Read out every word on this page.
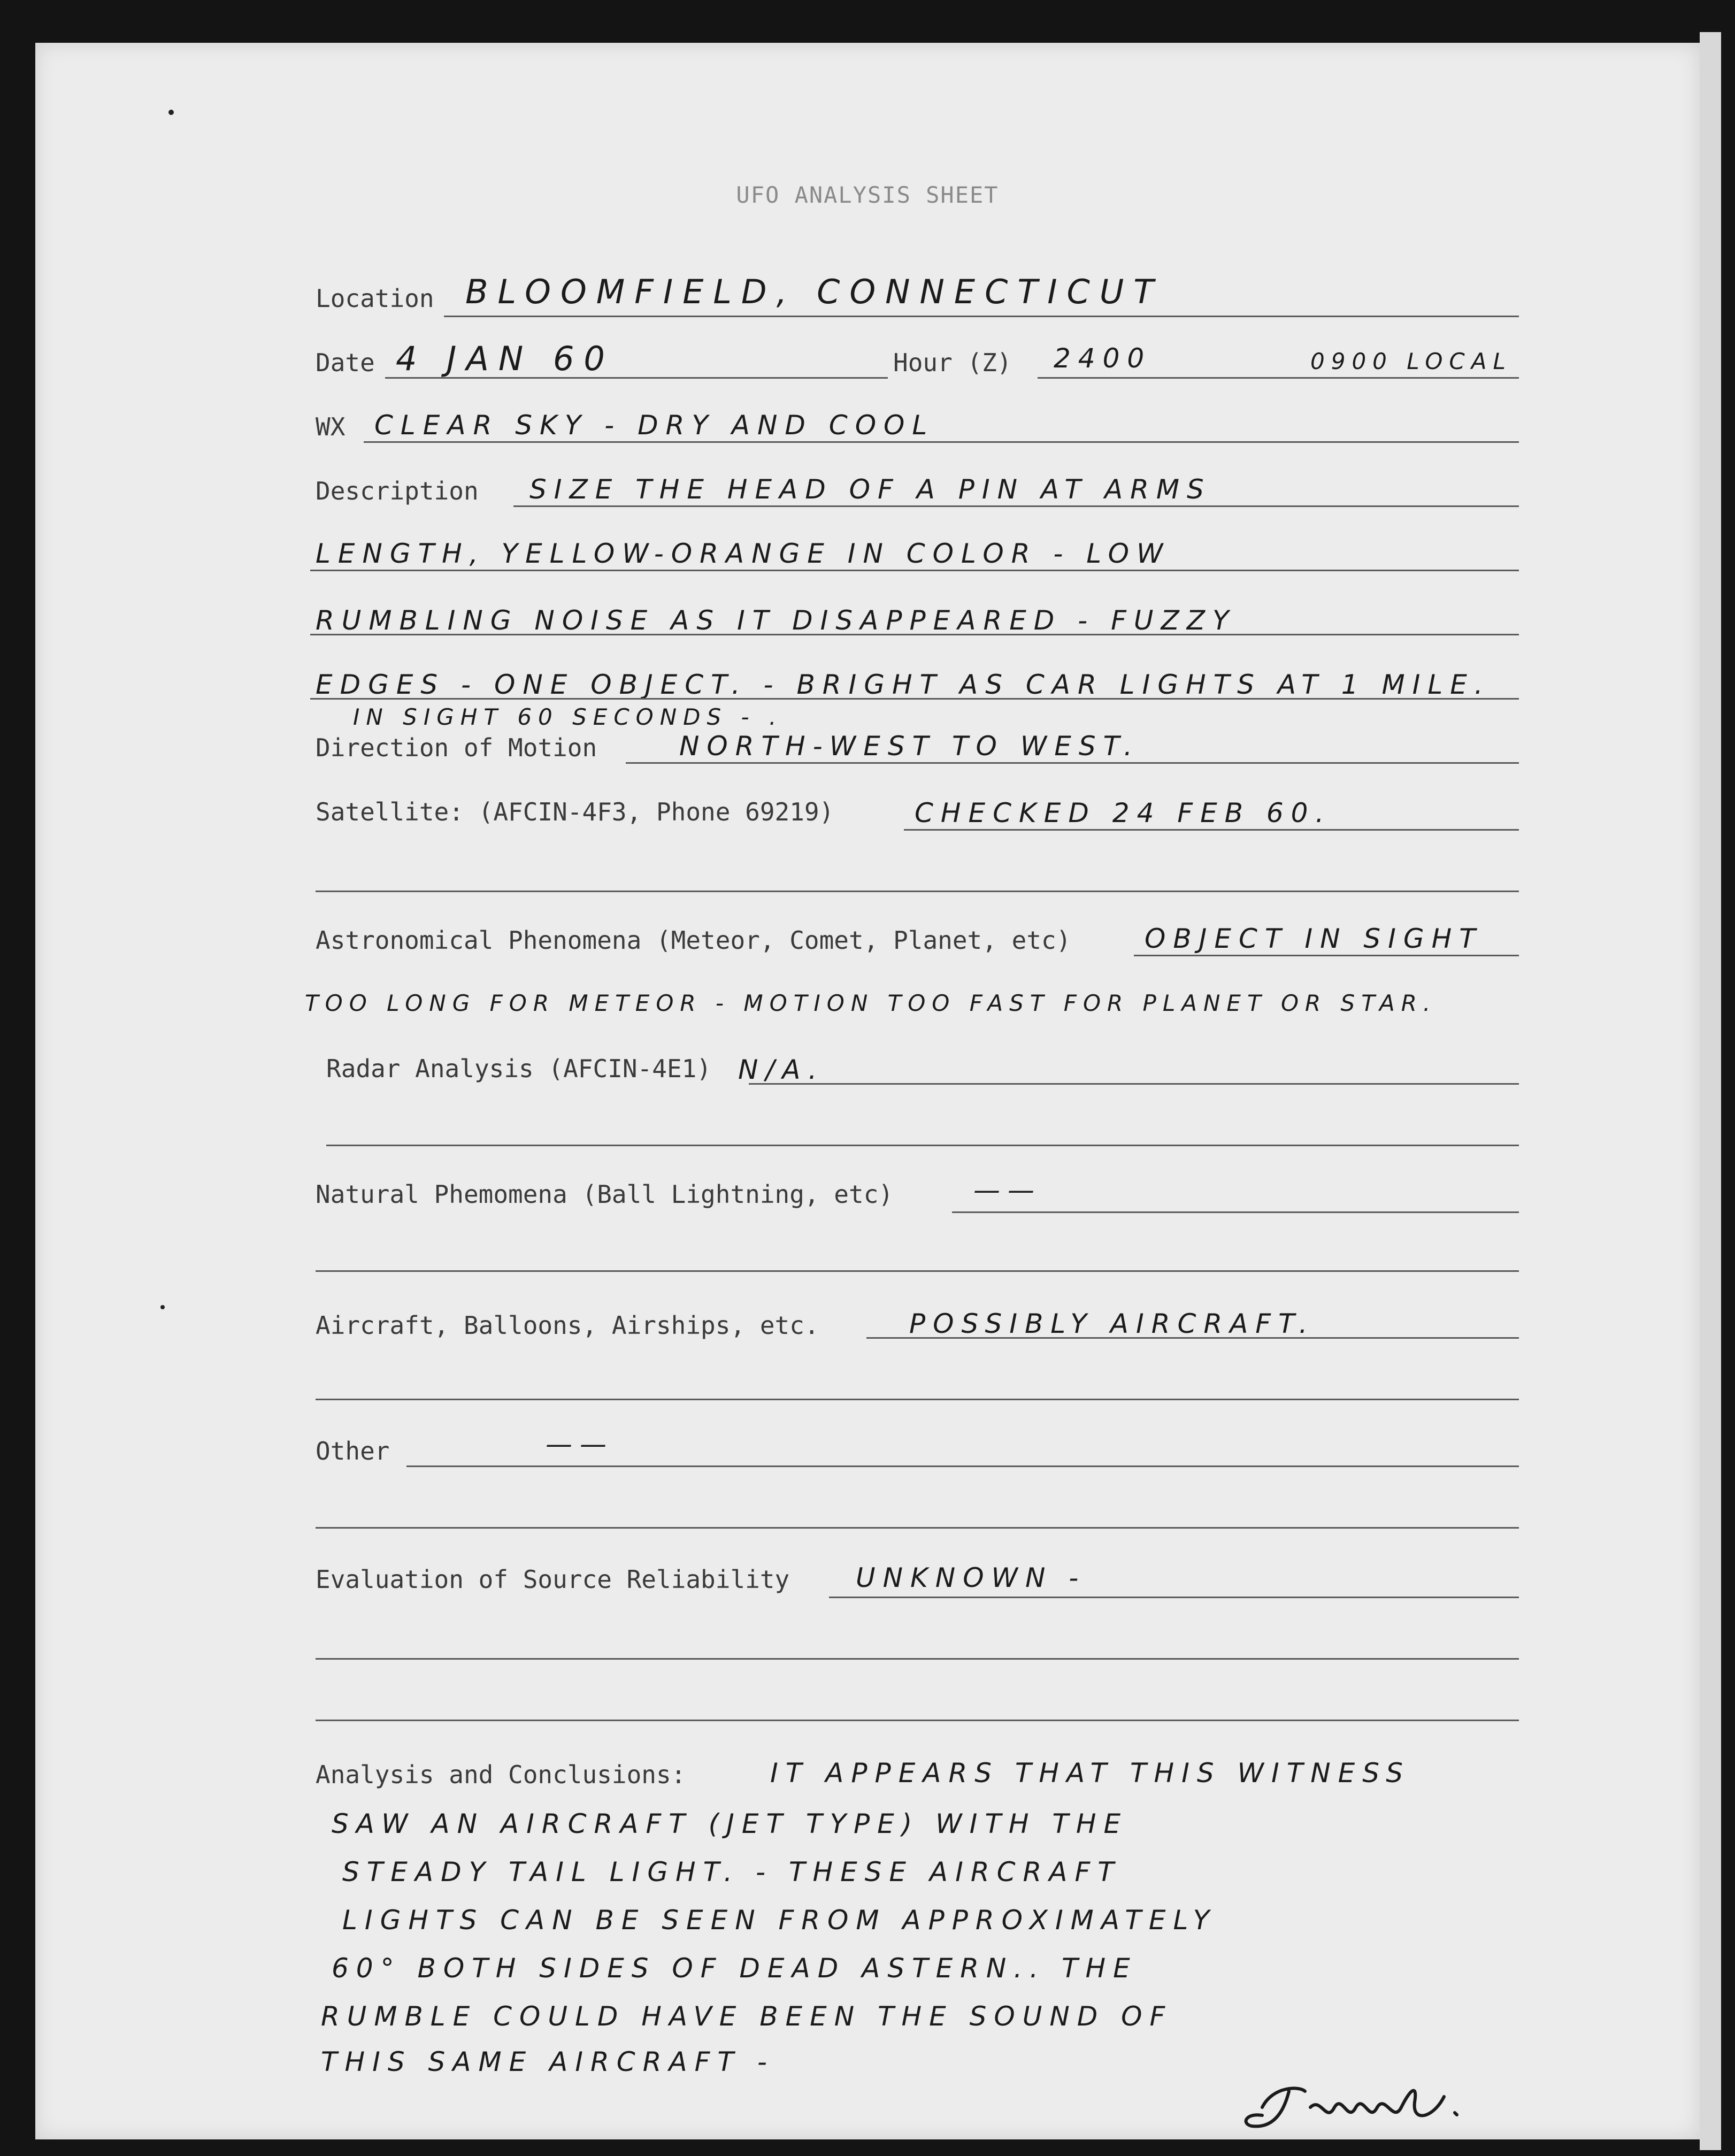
UFO ANALYSIS SHEET
Location BLOOMFIELD, CONNECTICUT
Date 4 JAN 60	Hour (Z) 2400	0900 LOCAL
WX CLEAR SKY - DRY AND COOL
Description SIZE THE HEAD OF A PIN AT ARMS
LENGTH, YELLOW-ORANGE IN COLOR - LOW
RUMBLING NOISE AS IT DISAPPEARED - FUZZY
EDGES - ONE OBJECT. - BRIGHT AS CAR LIGHTS AT 1 MILE.
IN SIGHT 60 SECONDS - .
Direction of Motion	NORTH-WEST TO WEST.
Satellite: (AFCIN-4F3, Phone 69219)	CHECKED 24 FEB 60.
Astronomical Phenomena (Meteor, Comet, Planet, etc)	OBJECT IN SIGHT
TOO LONG FOR METEOR - MOTION TOO FAST FOR PLANET OR STAR.
Radar Analysis (AFCIN-4E1) N/A.
Natural Phemomena (Ball Lightning, etc)	——
Aircraft, Balloons, Airships, etc.	POSSIBLY AIRCRAFT.
Other	——
Evaluation of Source Reliability UNKNOWN -
Analysis and Conclusions:	IT APPEARS THAT THIS WITNESS
SAW AN AIRCRAFT (JET TYPE) WITH THE
STEADY TAIL LIGHT. - THESE AIRCRAFT
LIGHTS CAN BE SEEN FROM APPROXIMATELY
60° BOTH SIDES OF DEAD ASTERN.. THE
RUMBLE COULD HAVE BEEN THE SOUND OF
THIS SAME AIRCRAFT -
